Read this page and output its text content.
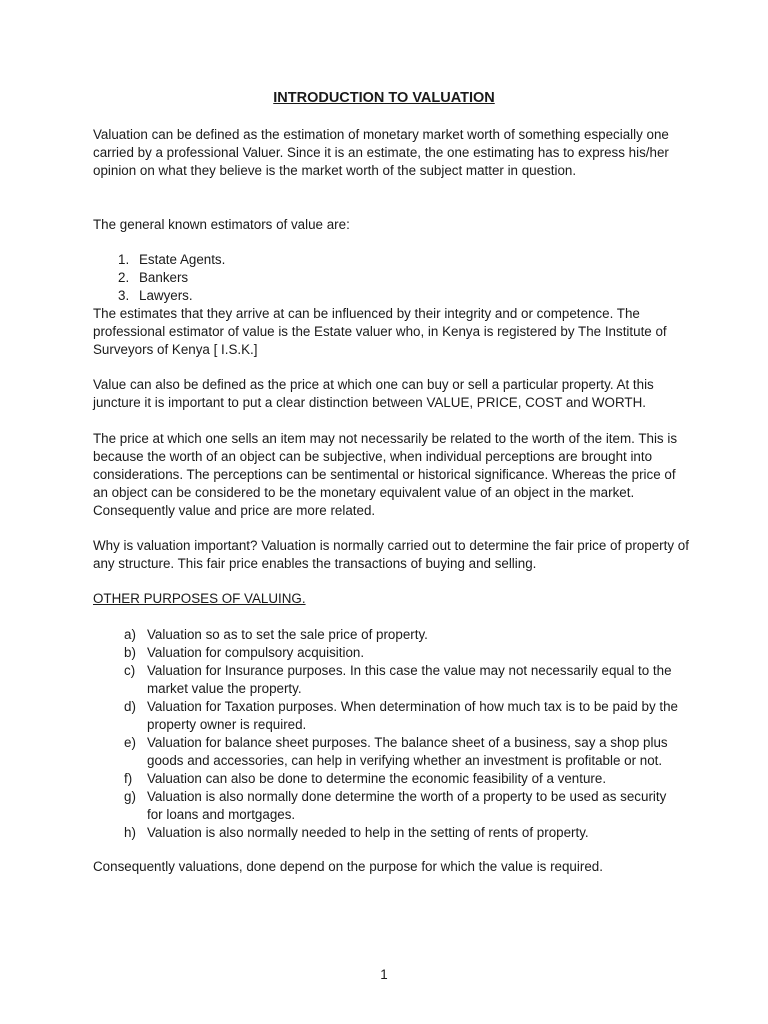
INTRODUCTION TO VALUATION

Valuation can be defined as the estimation of monetary market worth of something especially one carried by a professional Valuer. Since it is an estimate, the one estimating has to express his/her opinion on what they believe is the market worth of the subject matter in question.

The general known estimators of value are:

1. Estate Agents.
2. Bankers
3. Lawyers.

The estimates that they arrive at can be influenced by their integrity and or competence. The professional estimator of value is the Estate valuer who, in Kenya is registered by The Institute of Surveyors of Kenya [ I.S.K.]

Value can also be defined as the price at which one can buy or sell a particular property. At this juncture it is important to put a clear distinction between VALUE, PRICE, COST and WORTH.

The price at which one sells an item may not necessarily be related to the worth of the item. This is because the worth of an object can be subjective, when individual perceptions are brought into considerations. The perceptions can be sentimental or historical significance. Whereas the price of an object can be considered to be the monetary equivalent value of an object in the market. Consequently value and price are more related.

Why is valuation important? Valuation is normally carried out to determine the fair price of property of any structure. This fair price enables the transactions of buying and selling.

OTHER PURPOSES OF VALUING.

a) Valuation so as to set the sale price of property.
b) Valuation for compulsory acquisition.
c) Valuation for Insurance purposes. In this case the value may not necessarily equal to the market value the property.
d) Valuation for Taxation purposes. When determination of how much tax is to be paid by the property owner is required.
e) Valuation for balance sheet purposes. The balance sheet of a business, say a shop plus goods and accessories, can help in verifying whether an investment is profitable or not.
f) Valuation can also be done to determine the economic feasibility of a venture.
g) Valuation is also normally done determine the worth of a property to be used as security for loans and mortgages.
h) Valuation is also normally needed to help in the setting of rents of property.

Consequently valuations, done depend on the purpose for which the value is required.

1
